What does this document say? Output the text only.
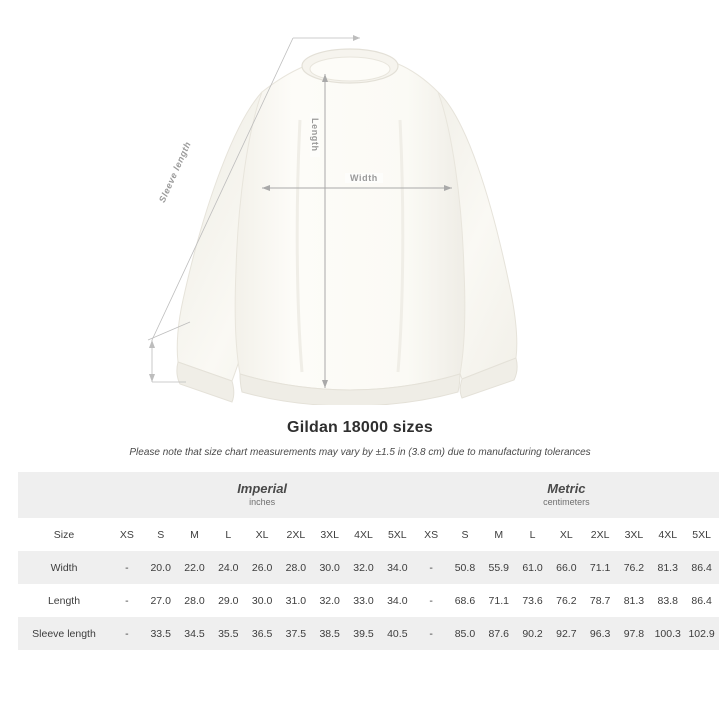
Width
Length
Sleeve length
Gildan 18000 sizes

Please note that size chart measurements may vary by ±1.5 in (3.8 cm) due to manufacturing tolerances

	Imperial
inches									Metric
centimeters								

Size	XS	S	M	L	XL	2XL	3XL	4XL	5XL	XS	S	M	L	XL	2XL	3XL	4XL	5XL
Width	-	20.0	22.0	24.0	26.0	28.0	30.0	32.0	34.0	-	50.8	55.9	61.0	66.0	71.1	76.2	81.3	86.4
Length	-	27.0	28.0	29.0	30.0	31.0	32.0	33.0	34.0	-	68.6	71.1	73.6	76.2	78.7	81.3	83.8	86.4
Sleeve length	-	33.5	34.5	35.5	36.5	37.5	38.5	39.5	40.5	-	85.0	87.6	90.2	92.7	96.3	97.8	100.3	102.9
